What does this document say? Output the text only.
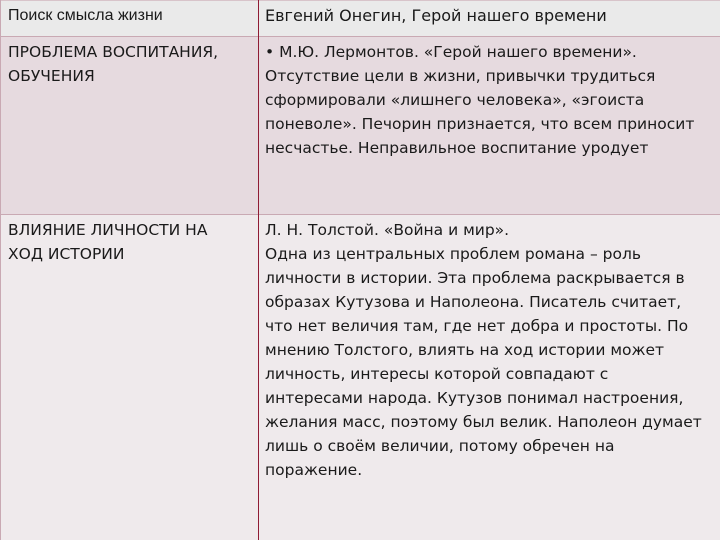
Поиск смысла жизни	Евгений Онегин, Герой нашего времени
ПРОБЛЕМА ВОСПИТАНИЯ,
ОБУЧЕНИЯ
• М.Ю. Лермонтов. «Герой нашего времени».
Отсутствие цели в жизни, привычки трудиться
сформировали «лишнего человека», «эгоиста
поневоле». Печорин признается, что всем приносит
несчастье. Неправильное воспитание уродует
ВЛИЯНИЕ ЛИЧНОСТИ НА
ХОД ИСТОРИИ
Л. Н. Толстой. «Война и мир».
Одна из центральных проблем романа – роль
личности в истории. Эта проблема раскрывается в
образах Кутузова и Наполеона. Писатель считает,
что нет величия там, где нет добра и простоты. По
мнению Толстого, влиять на ход истории может
личность, интересы которой совпадают с
интересами народа. Кутузов понимал настроения,
желания масс, поэтому был велик. Наполеон думает
лишь о своём величии, потому обречен на
поражение.
